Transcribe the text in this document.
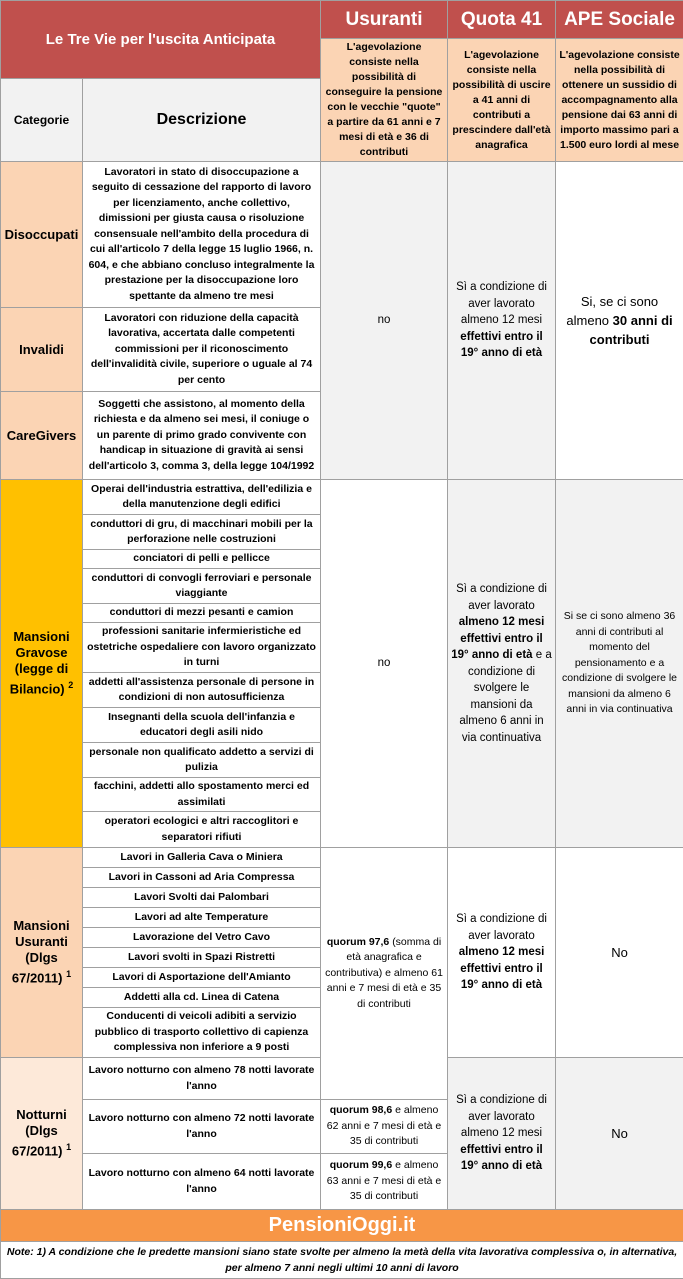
Le Tre Vie per l'uscita Anticipata		Usuranti	Quota 41	APE Sociale
		L'agevolazione consiste nella possibilità di conseguire la pensione con le vecchie "quote" a partire da 61 anni e 7 mesi di età e 36 di contributi	L'agevolazione consiste nella possibilità di uscire a 41 anni di contributi a prescindere dall'età anagrafica	L'agevolazione consiste nella possibilità di ottenere un sussidio di accompagnamento alla pensione dai 63 anni di importo massimo pari a 1.500 euro lordi al mese
Categorie	Descrizione			
Disoccupati	Lavoratori in stato di disoccupazione a seguito di cessazione del rapporto di lavoro per licenziamento, anche collettivo, dimissioni per giusta causa o risoluzione consensuale nell'ambito della procedura di cui all'articolo 7 della legge 15 luglio 1966, n. 604, e che abbiano concluso integralmente la prestazione per la disoccupazione loro spettante da almeno tre mesi	no	Sì a condizione di aver lavorato almeno 12 mesi effettivi entro il 19° anno di età	Si, se ci sono almeno 30 anni di contributi
Invalidi	Lavoratori con riduzione della capacità lavorativa, accertata dalle competenti commissioni per il riconoscimento dell'invalidità civile, superiore o uguale al 74 per cento			
CareGivers	Soggetti che assistono, al momento della richiesta e da almeno sei mesi, il coniuge o un parente di primo grado convivente con handicap in situazione di gravità ai sensi dell'articolo 3, comma 3, della legge 104/1992			
Mansioni Gravose (legge di Bilancio) $^2$	Operai dell'industria estrattiva, dell'edilizia e della manutenzione degli edifici	no	Sì a condizione di aver lavorato almeno 12 mesi effettivi entro il 19° anno di età e a condizione di svolgere le mansioni da almeno 6 anni in via continuativa	Si se ci sono almeno 36 anni di contributi al momento del pensionamento e a condizione di svolgere le mansioni da almeno 6 anni in via continuativa
	conduttori di gru, di macchinari mobili per la perforazione nelle costruzioni			
	conciatori di pelli e pellicce			
	conduttori di convogli ferroviari e personale viaggiante			
	conduttori di mezzi pesanti e camion			
	professioni sanitarie infermieristiche ed ostetriche ospedaliere con lavoro organizzato in turni			
	addetti all'assistenza personale di persone in condizioni di non autosufficienza			
	Insegnanti della scuola dell'infanzia e educatori degli asili nido			
	personale non qualificato addetto a servizi di pulizia			
	facchini, addetti allo spostamento merci ed assimilati			
	operatori ecologici e altri raccoglitori e separatori rifiuti			
Mansioni Usuranti (Dlgs 67/2011) $^1$	Lavori in Galleria Cava o Miniera	quorum 97,6 (somma di età anagrafica e contributiva) e almeno 61 anni e 7 mesi di età e 35 di contributi	Sì a condizione di aver lavorato almeno 12 mesi effettivi entro il 19° anno di età	No
	Lavori in Cassoni ad Aria Compressa			
	Lavori Svolti dai Palombari			
	Lavori ad alte Temperature			
	Lavorazione del Vetro Cavo			
	Lavori svolti in Spazi Ristretti			
	Lavori di Asportazione dell'Amianto			
	Addetti alla cd. Linea di Catena			
	Conducenti di veicoli adibiti a servizio pubblico di trasporto collettivo di capienza complessiva non inferiore a 9 posti			
Notturni (Dlgs 67/2011) $^1$	Lavoro notturno con almeno 78 notti lavorate l'anno		Sì a condizione di aver lavorato almeno 12 mesi effettivi entro il 19° anno di età	No
	Lavoro notturno con almeno 72 notti lavorate l'anno	quorum 98,6 e almeno 62 anni e 7 mesi di età e 35 di contributi		
	Lavoro notturno con almeno 64 notti lavorate l'anno	quorum 99,6 e almeno 63 anni e 7 mesi di età e 35 di contributi		
PensioniOggi.it				
Note: 1) A condizione che le predette mansioni siano state svolte per almeno la metà della vita lavorativa complessiva o, in alternativa, per almeno 7 anni negli ultimi 10 anni di lavoro				
